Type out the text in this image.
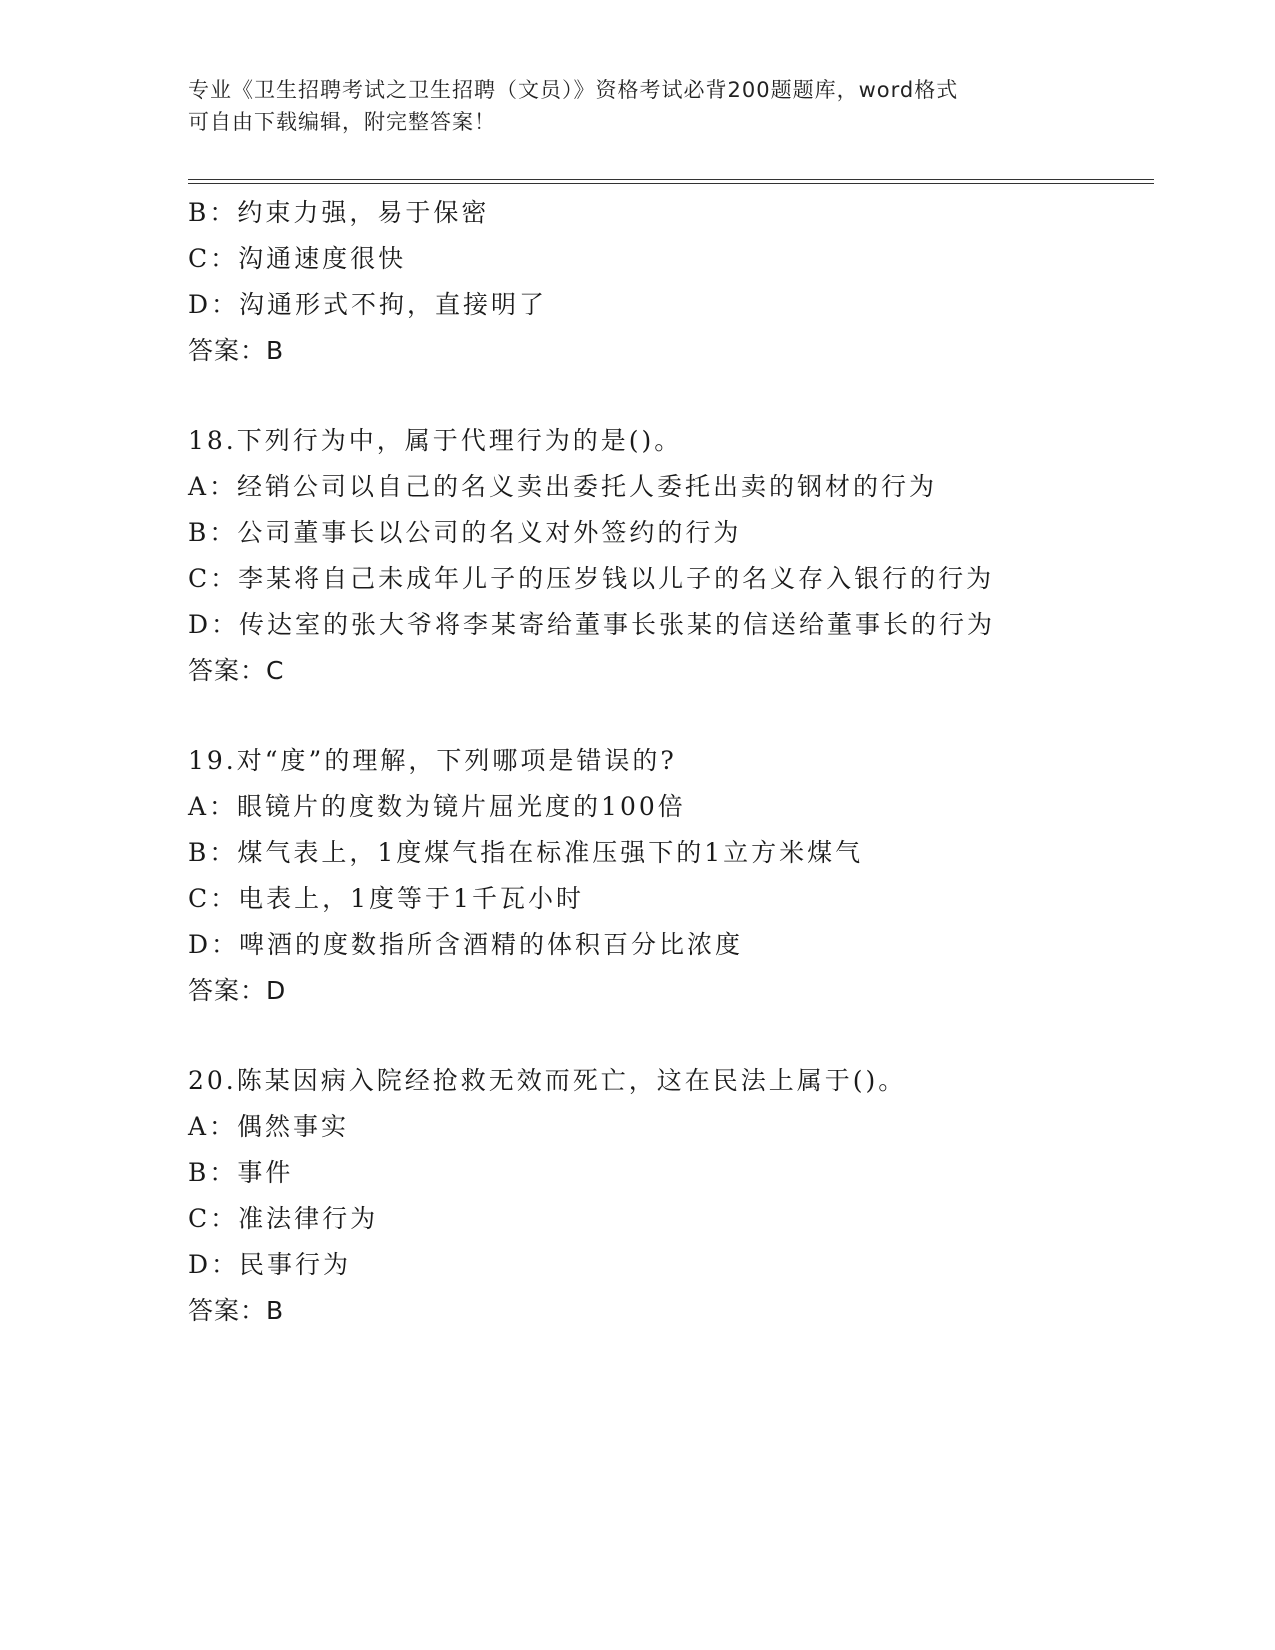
专业《卫生招聘考试之卫生招聘（文员）》资格考试必背200题题库，word格式
可自由下载编辑，附完整答案！
B：约束力强，易于保密
C：沟通速度很快
D：沟通形式不拘，直接明了
答案：B
18.下列行为中，属于代理行为的是()。
A：经销公司以自己的名义卖出委托人委托出卖的钢材的行为
B：公司董事长以公司的名义对外签约的行为
C：李某将自己未成年儿子的压岁钱以儿子的名义存入银行的行为
D：传达室的张大爷将李某寄给董事长张某的信送给董事长的行为
答案：C
19.对“度”的理解，下列哪项是错误的?
A：眼镜片的度数为镜片屈光度的100倍
B：煤气表上，1度煤气指在标准压强下的1立方米煤气
C：电表上，1度等于1千瓦小时
D：啤酒的度数指所含酒精的体积百分比浓度
答案：D
20.陈某因病入院经抢救无效而死亡，这在民法上属于()。
A：偶然事实
B：事件
C：准法律行为
D：民事行为
答案：B
